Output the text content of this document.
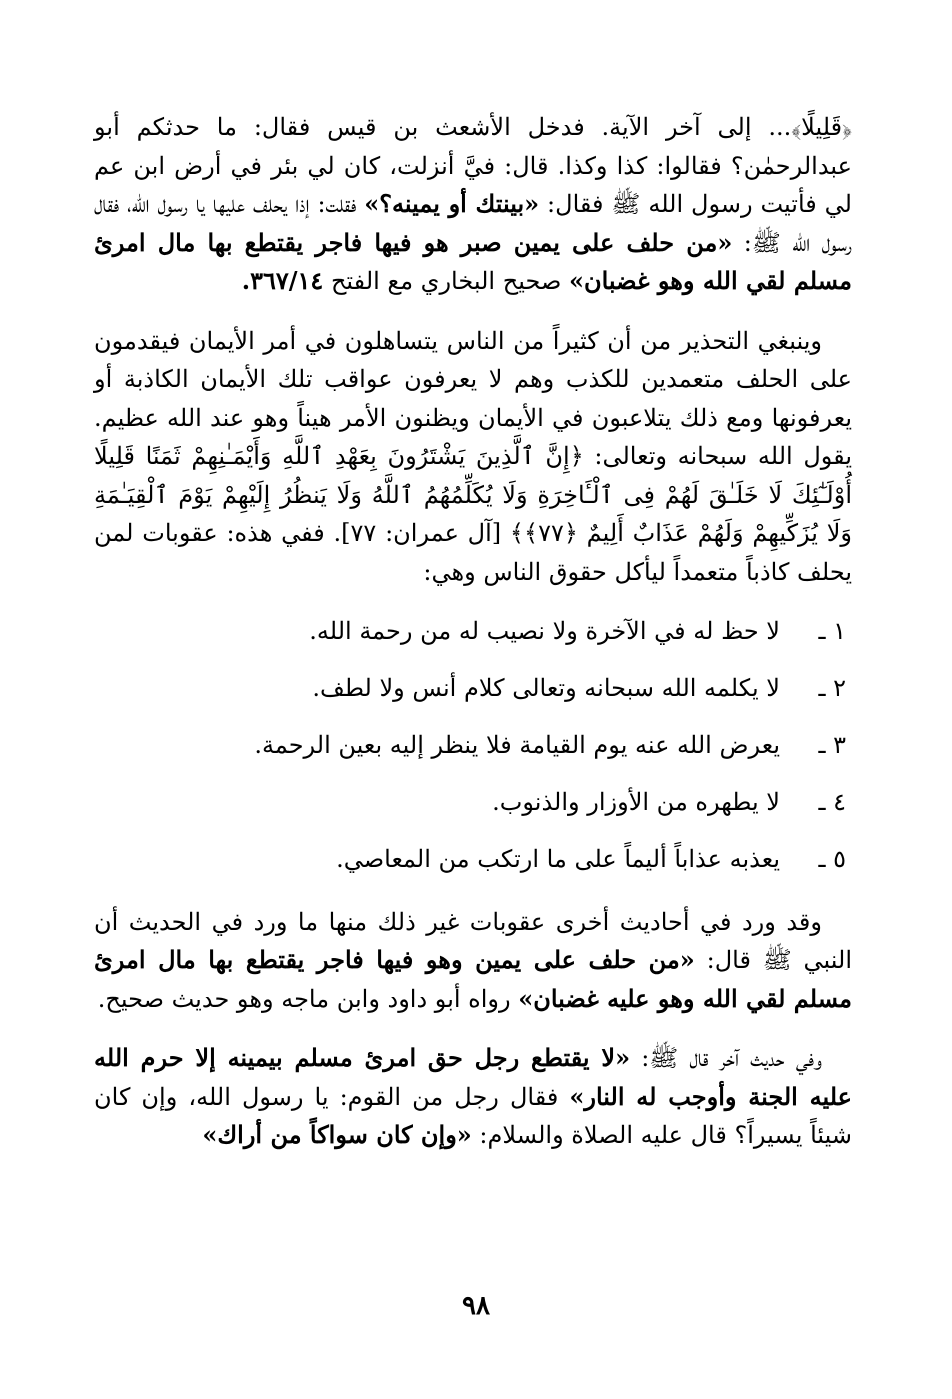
﴿قَلِيلًا﴾... إلى آخر الآية. فدخل الأشعث بن قيس فقال: ما حدثكم أبو عبدالرحمٰن؟ فقالوا: كذا وكذا. قال: فيَّ أنزلت، كان لي بئر في أرض ابن عم لي فأتيت رسول الله ﷺ فقال: «بينتك أو يمينه؟» فقلت: إذا يحلف عليها يا رسول الله، فقال رسول الله ﷺ: «من حلف على يمين صبر هو فيها فاجر يقتطع بها مال امرئ مسلم لقي الله وهو غضبان» صحيح البخاري مع الفتح ٣٦٧/١٤.

وينبغي التحذير من أن كثيراً من الناس يتساهلون في أمر الأيمان فيقدمون على الحلف متعمدين للكذب وهم لا يعرفون عواقب تلك الأيمان الكاذبة أو يعرفونها ومع ذلك يتلاعبون في الأيمان ويظنون الأمر هيناً وهو عند الله عظيم. يقول الله سبحانه وتعالى: ﴿إِنَّ ٱلَّذِينَ يَشْتَرُونَ بِعَهْدِ ٱللَّهِ وَأَيْمَـٰنِهِمْ ثَمَنًا قَلِيلًا أُوْلَـٰٓئِكَ لَا خَلَـٰقَ لَهُمْ فِى ٱلْـَٔاخِرَةِ وَلَا يُكَلِّمُهُمُ ٱللَّهُ وَلَا يَنظُرُ إِلَيْهِمْ يَوْمَ ٱلْقِيَـٰمَةِ وَلَا يُزَكِّيهِمْ وَلَهُمْ عَذَابٌ أَلِيمٌ ﴿٧٧﴾﴾ [آل عمران: ٧٧]. ففي هذه: عقوبات لمن يحلف كاذباً متعمداً ليأكل حقوق الناس وهي:

١ ـ
لا حظ له في الآخرة ولا نصيب له من رحمة الله.
٢ ـ
لا يكلمه الله سبحانه وتعالى كلام أنس ولا لطف.
٣ ـ
يعرض الله عنه يوم القيامة فلا ينظر إليه بعين الرحمة.
٤ ـ
لا يطهره من الأوزار والذنوب.
٥ ـ
يعذبه عذاباً أليماً على ما ارتكب من المعاصي.

وقد ورد في أحاديث أخرى عقوبات غير ذلك منها ما ورد في الحديث أن النبي ﷺ قال: «من حلف على يمين وهو فيها فاجر يقتطع بها مال امرئ مسلم لقي الله وهو عليه غضبان» رواه أبو داود وابن ماجه وهو حديث صحيح.

وفي حديث آخر قال ﷺ: «لا يقتطع رجل حق امرئ مسلم بيمينه إلا حرم الله عليه الجنة وأوجب له النار» فقال رجل من القوم: يا رسول الله، وإن كان شيئاً يسيراً؟ قال عليه الصلاة والسلام: «وإن كان سواكاً من أراك»

٩٨
